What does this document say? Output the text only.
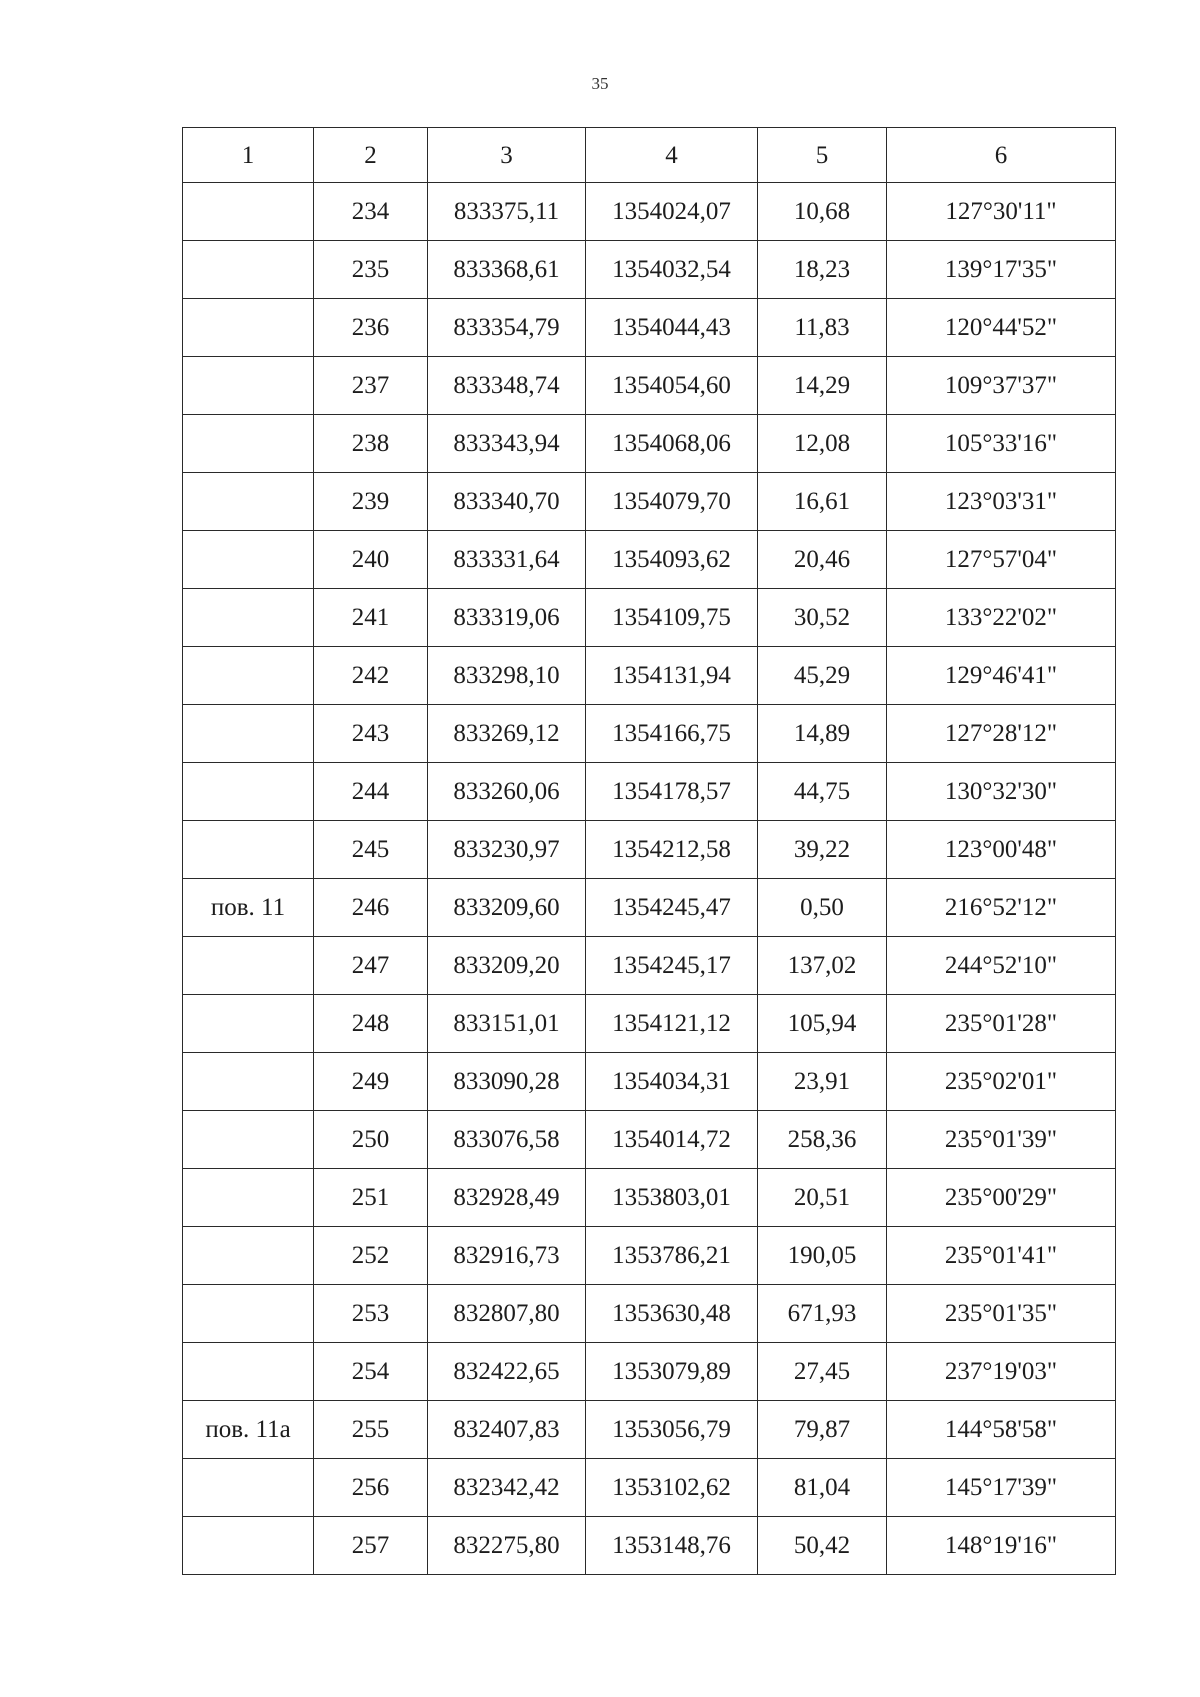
35
1	2	3	4	5	6
	234	833375,11	1354024,07	10,68	127°30'11"
	235	833368,61	1354032,54	18,23	139°17'35"
	236	833354,79	1354044,43	11,83	120°44'52"
	237	833348,74	1354054,60	14,29	109°37'37"
	238	833343,94	1354068,06	12,08	105°33'16"
	239	833340,70	1354079,70	16,61	123°03'31"
	240	833331,64	1354093,62	20,46	127°57'04"
	241	833319,06	1354109,75	30,52	133°22'02"
	242	833298,10	1354131,94	45,29	129°46'41"
	243	833269,12	1354166,75	14,89	127°28'12"
	244	833260,06	1354178,57	44,75	130°32'30"
	245	833230,97	1354212,58	39,22	123°00'48"
пов. 11	246	833209,60	1354245,47	0,50	216°52'12"
	247	833209,20	1354245,17	137,02	244°52'10"
	248	833151,01	1354121,12	105,94	235°01'28"
	249	833090,28	1354034,31	23,91	235°02'01"
	250	833076,58	1354014,72	258,36	235°01'39"
	251	832928,49	1353803,01	20,51	235°00'29"
	252	832916,73	1353786,21	190,05	235°01'41"
	253	832807,80	1353630,48	671,93	235°01'35"
	254	832422,65	1353079,89	27,45	237°19'03"
пов. 11а	255	832407,83	1353056,79	79,87	144°58'58"
	256	832342,42	1353102,62	81,04	145°17'39"
	257	832275,80	1353148,76	50,42	148°19'16"
